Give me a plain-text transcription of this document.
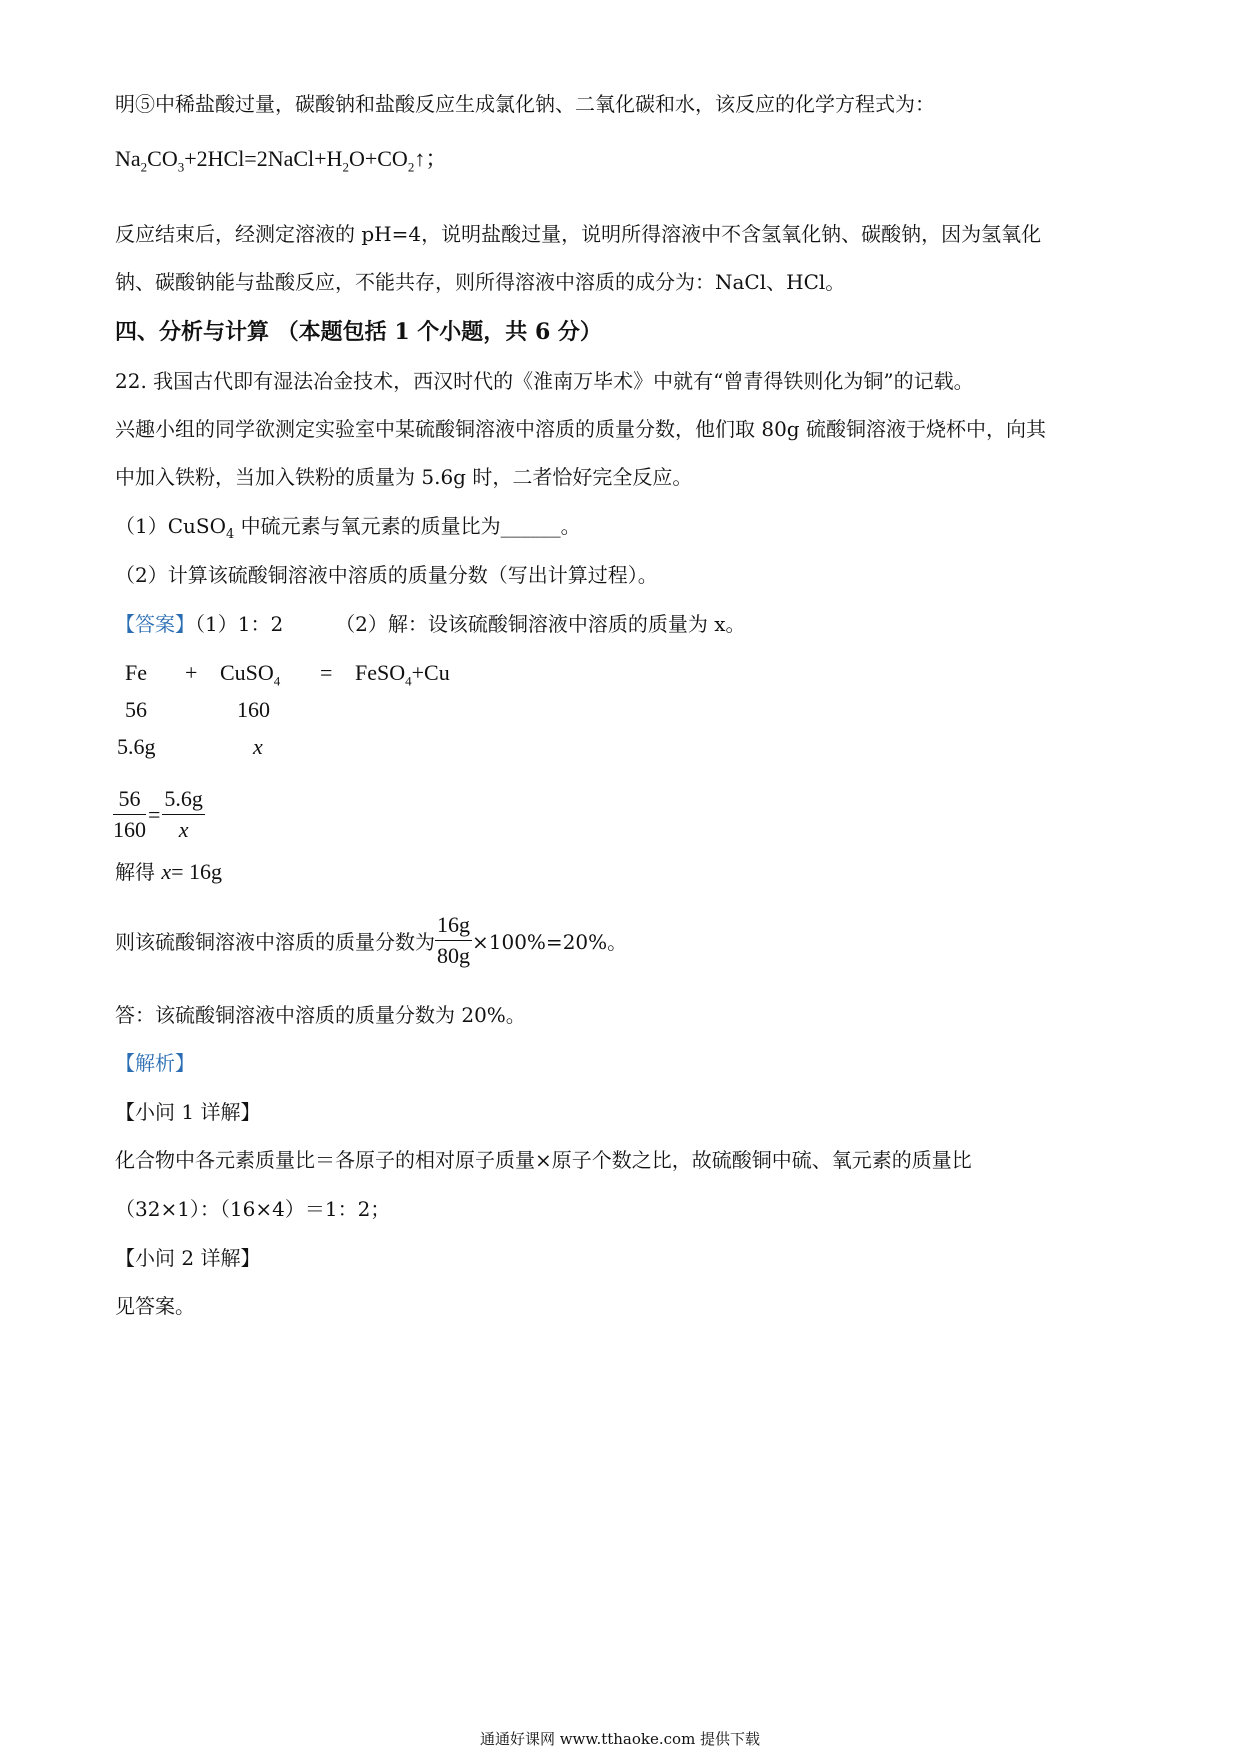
明⑤中稀盐酸过量，碳酸钠和盐酸反应生成氯化钠、二氧化碳和水，该反应的化学方程式为：
$Na_2CO_3+2HCl=2NaCl+H_2O+CO_2↑$；
反应结束后，经测定溶液的 pH=4，说明盐酸过量，说明所得溶液中不含氢氧化钠、碳酸钠，因为氢氧化
钠、碳酸钠能与盐酸反应，不能共存，则所得溶液中溶质的成分为：NaCl、HCl。
四、分析与计算 （本题包括 1 个小题，共 6 分）
22. 我国古代即有湿法冶金技术，西汉时代的《淮南万毕术》中就有“曾青得铁则化为铜”的记载。
兴趣小组的同学欲测定实验室中某硫酸铜溶液中溶质的质量分数，他们取 80g 硫酸铜溶液于烧杯中，向其
中加入铁粉，当加入铁粉的质量为 5.6g 时，二者恰好完全反应。
（1）CuSO$_4$ 中硫元素与氧元素的质量比为______。
（2）计算该硫酸铜溶液中溶质的质量分数（写出计算过程）。
【答案】（1）1：2	（2）解：设该硫酸铜溶液中溶质的质量为 x。
Fe + CuSO$_4$ = FeSO$_4$+Cu
56	160
5.6g	x
$\frac{56}{160} = \frac{5.6g}{x}$
解得 x= 16g
则该硫酸铜溶液中溶质的质量分数为 $\frac{16g}{80g} \times 100\%=20\%$。
答：该硫酸铜溶液中溶质的质量分数为 20%。
【解析】
【小问 1 详解】
化合物中各元素质量比＝各原子的相对原子质量×原子个数之比，故硫酸铜中硫、氧元素的质量比
（32×1）：（16×4）＝1：2；
【小问 2 详解】
见答案。
通通好课网 www.tthaoke.com 提供下载
